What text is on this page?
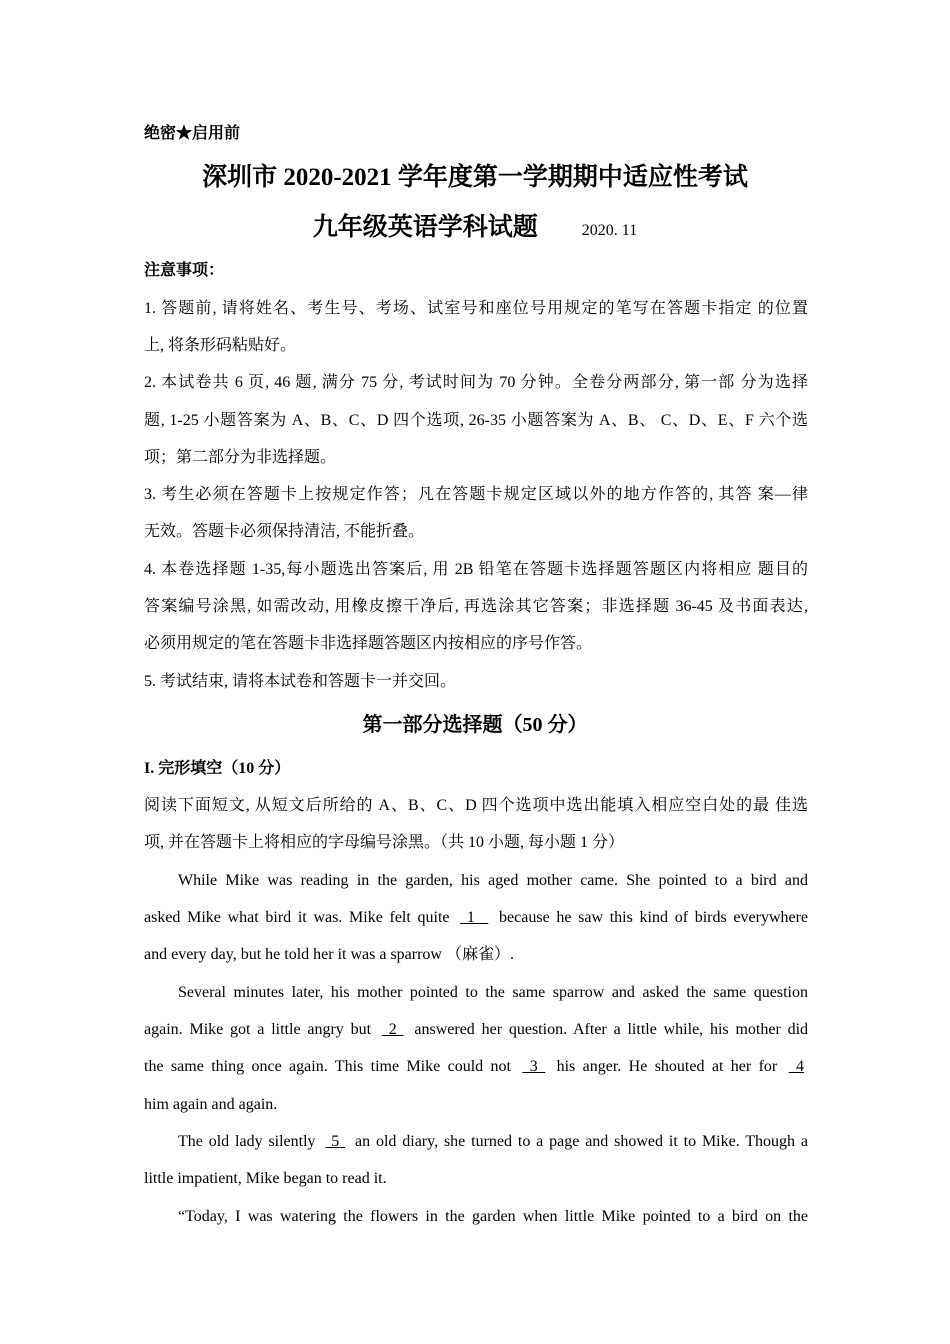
绝密★启用前
深圳市 2020-2021 学年度第一学期期中适应性考试
九年级英语学科试题	2020. 11
注意事项：
1. 答题前, 请将姓名、考生号、考场、试室号和座位号用规定的笔写在答题卡指定 的位置
上, 将条形码粘贴好。
2. 本试卷共 6 页, 46 题, 满分 75 分, 考试时间为 70 分钟。全卷分两部分, 第一部 分为选择
题, 1-25 小题答案为 A、B、C、D 四个选项, 26-35 小题答案为 A、B、 C、D、E、F 六个选
项；第二部分为非选择题。
3. 考生必须在答题卡上按规定作答；凡在答题卡规定区域以外的地方作答的, 其答 案—律
无效。答题卡必须保持清洁, 不能折叠。
4. 本卷选择题 1-35,每小题选出答案后, 用 2B 铅笔在答题卡选择题答题区内将相应 题目的
答案编号涂黑, 如需改动, 用橡皮擦干净后, 再选涂其它答案；非选择题 36-45 及书面表达,
必须用规定的笔在答题卡非选择题答题区内按相应的序号作答。
5. 考试结束, 请将本试卷和答题卡一并交回。
第一部分选择题（50 分）
I. 完形填空（10 分）
阅读下面短文, 从短文后所给的 A、B、C、D 四个选项中选出能填入相应空白处的最 佳选
项, 并在答题卡上将相应的字母编号涂黑。（共 10 小题, 每小题 1 分）
While Mike was reading in the garden, his aged mother came. She pointed to a bird and
asked Mike what bird it was. Mike felt quite 1 because he saw this kind of birds everywhere
and every day, but he told her it was a sparrow （麻雀）.
Several minutes later, his mother pointed to the same sparrow and asked the same question
again. Mike got a little angry but 2 answered her question. After a little while, his mother did
the same thing once again. This time Mike could not 3 his anger. He shouted at her for 4
him again and again.
The old lady silently 5 an old diary, she turned to a page and showed it to Mike. Though a
little impatient, Mike began to read it.
“Today, I was watering the flowers in the garden when little Mike pointed to a bird on the
